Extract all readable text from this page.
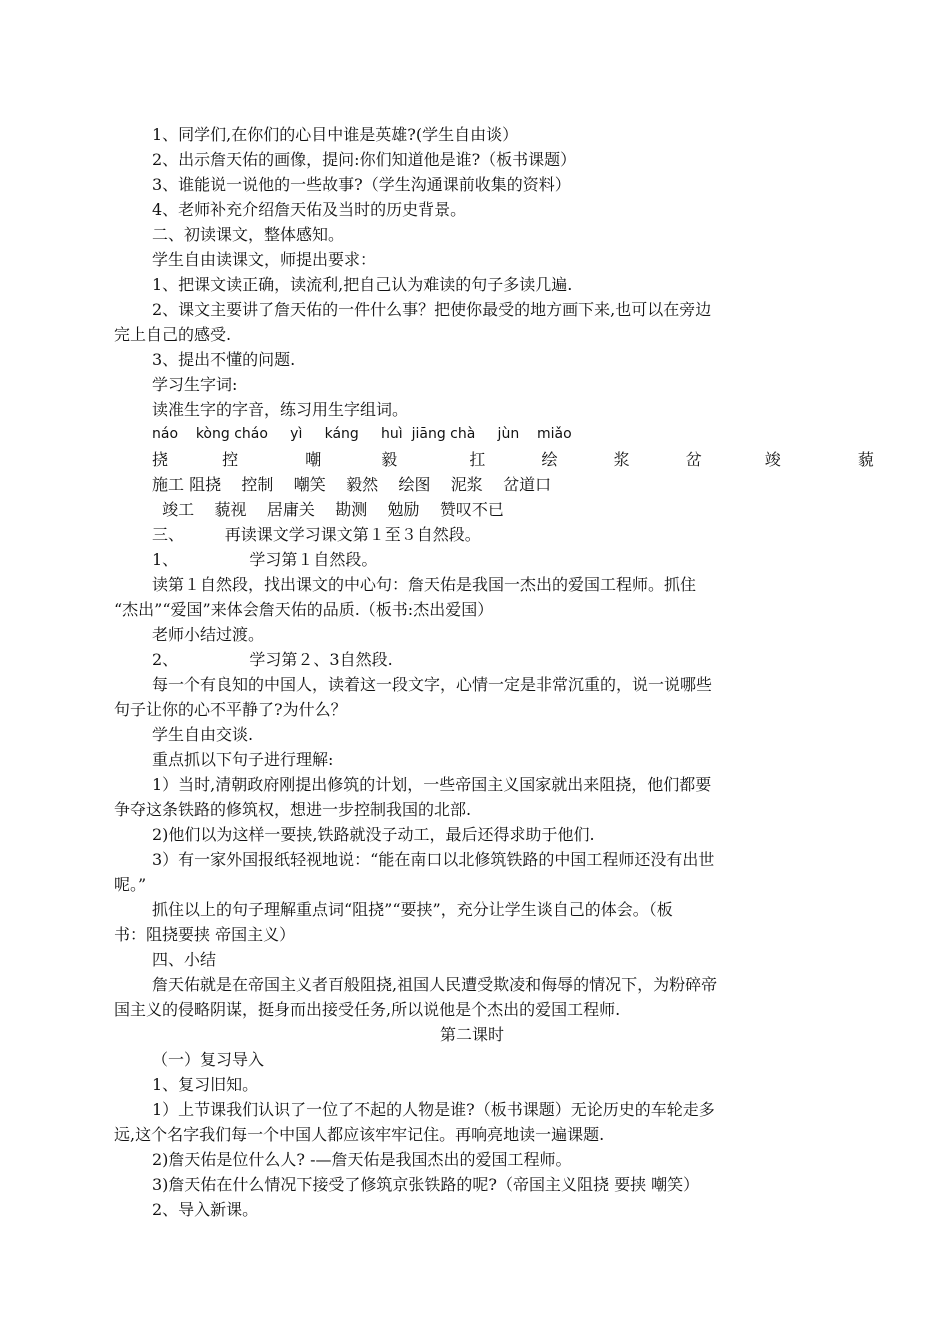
1、同学们,在你们的心目中谁是英雄?(学生自由谈）
2、出示詹天佑的画像，提问:你们知道他是谁?（板书课题）
3、谁能说一说他的一些故事?（学生沟通课前收集的资料）
4、老师补充介绍詹天佑及当时的历史背景。
二、初读课文，整体感知。
学生自由读课文，师提出要求：
1、把课文读正确，读流利,把自己认为难读的句子多读几遍.
2、课文主要讲了詹天佑的一件什么事？把使你最受的地方画下来,也可以在旁边
完上自己的感受.
3、提出不懂的问题.
学习生字词:
读准生字的字音，练习用生字组词。
náo    kòng cháo     yì     káng     huì  jiāng chà     jùn    miǎo
挠	控	嘲	毅	扛	绘	浆	岔	竣	藐
施工 阻挠    控制    嘲笑    毅然    绘图    泥浆    岔道口
竣工    藐视    居庸关    勘测    勉励    赞叹不已
三、        再读课文学习课文第１至３自然段。
1、              学习第１自然段。
读第１自然段，找出课文的中心句：詹天佑是我国一杰出的爱国工程师。抓住
“杰出”“爱国”来体会詹天佑的品质.（板书:杰出爱国）
老师小结过渡。
2、              学习第２、3自然段.
每一个有良知的中国人，读着这一段文字，心情一定是非常沉重的，说一说哪些
句子让你的心不平静了?为什么？
学生自由交谈.
重点抓以下句子进行理解:
1）当时,清朝政府刚提出修筑的计划，一些帝国主义国家就出来阻挠，他们都要
争夺这条铁路的修筑权，想进一步控制我国的北部.
2)他们以为这样一要挟,铁路就没子动工，最后还得求助于他们.
3）有一家外国报纸轻视地说：“能在南口以北修筑铁路的中国工程师还没有出世
呢。”
抓住以上的句子理解重点词“阻挠”“要挟”，充分让学生谈自己的体会。（板
书：阻挠要挟 帝国主义）
四、小结
詹天佑就是在帝国主义者百般阻挠,祖国人民遭受欺凌和侮辱的情况下，为粉碎帝
国主义的侵略阴谋，挺身而出接受任务,所以说他是个杰出的爱国工程师.
第二课时
（一）复习导入
1、复习旧知。
1）上节课我们认识了一位了不起的人物是谁?（板书课题）无论历史的车轮走多
远,这个名字我们每一个中国人都应该牢牢记住。再响亮地读一遍课题.
2)詹天佑是位什么人? -—詹天佑是我国杰出的爱国工程师。
3)詹天佑在什么情况下接受了修筑京张铁路的呢?（帝国主义阻挠 要挟 嘲笑）
2、导入新课。
